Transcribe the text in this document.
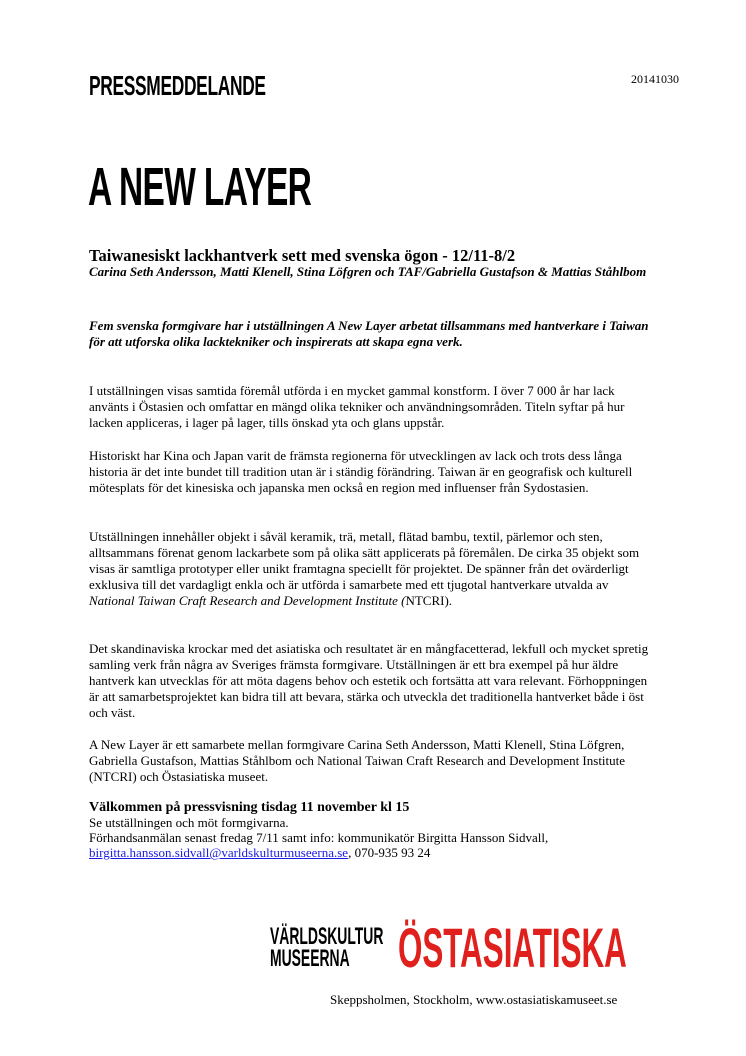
PRESSMEDDELANDE	20141030
A NEW LAYER
Taiwanesiskt lackhantverk sett med svenska ögon - 12/11-8/2
Carina Seth Andersson, Matti Klenell, Stina Löfgren och TAF/Gabriella Gustafson & Mattias Ståhlbom
Fem svenska formgivare har i utställningen A New Layer arbetat tillsammans med hantverkare i Taiwan för att utforska olika lacktekniker och inspirerats att skapa egna verk.
I utställningen visas samtida föremål utförda i en mycket gammal konstform. I över 7 000 år har lack använts i Östasien och omfattar en mängd olika tekniker och användningsområden. Titeln syftar på hur lacken appliceras, i lager på lager, tills önskad yta och glans uppstår.
Historiskt har Kina och Japan varit de främsta regionerna för utvecklingen av lack och trots dess långa historia är det inte bundet till tradition utan är i ständig förändring. Taiwan är en geografisk och kulturell mötesplats för det kinesiska och japanska men också en region med influenser från Sydostasien.
Utställningen innehåller objekt i såväl keramik, trä, metall, flätad bambu, textil, pärlemor och sten, alltsammans förenat genom lackarbete som på olika sätt applicerats på föremålen. De cirka 35 objekt som visas är samtliga prototyper eller unikt framtagna speciellt för projektet. De spänner från det ovärderligt exklusiva till det vardagligt enkla och är utförda i samarbete med ett tjugotal hantverkare utvalda av National Taiwan Craft Research and Development Institute (NTCRI).
Det skandinaviska krockar med det asiatiska och resultatet är en mångfacetterad, lekfull och mycket spretig samling verk från några av Sveriges främsta formgivare. Utställningen är ett bra exempel på hur äldre hantverk kan utvecklas för att möta dagens behov och estetik och fortsätta att vara relevant. Förhoppningen är att samarbetsprojektet kan bidra till att bevara, stärka och utveckla det traditionella hantverket både i öst och väst.
A New Layer är ett samarbete mellan formgivare Carina Seth Andersson, Matti Klenell, Stina Löfgren, Gabriella Gustafson, Mattias Ståhlbom och National Taiwan Craft Research and Development Institute (NTCRI) och Östasiatiska museet.
Välkommen på pressvisning tisdag 11 november kl 15
Se utställningen och möt formgivarna.
Förhandsanmälan senast fredag 7/11 samt info: kommunikatör Birgitta Hansson Sidvall,
birgitta.hansson.sidvall@varldskulturmuseerna.se, 070-935 93 24
VÄRLDSKULTUR
MUSEERNA ÖSTASIATISKA
Skeppsholmen, Stockholm, www.ostasiatiskamuseet.se
